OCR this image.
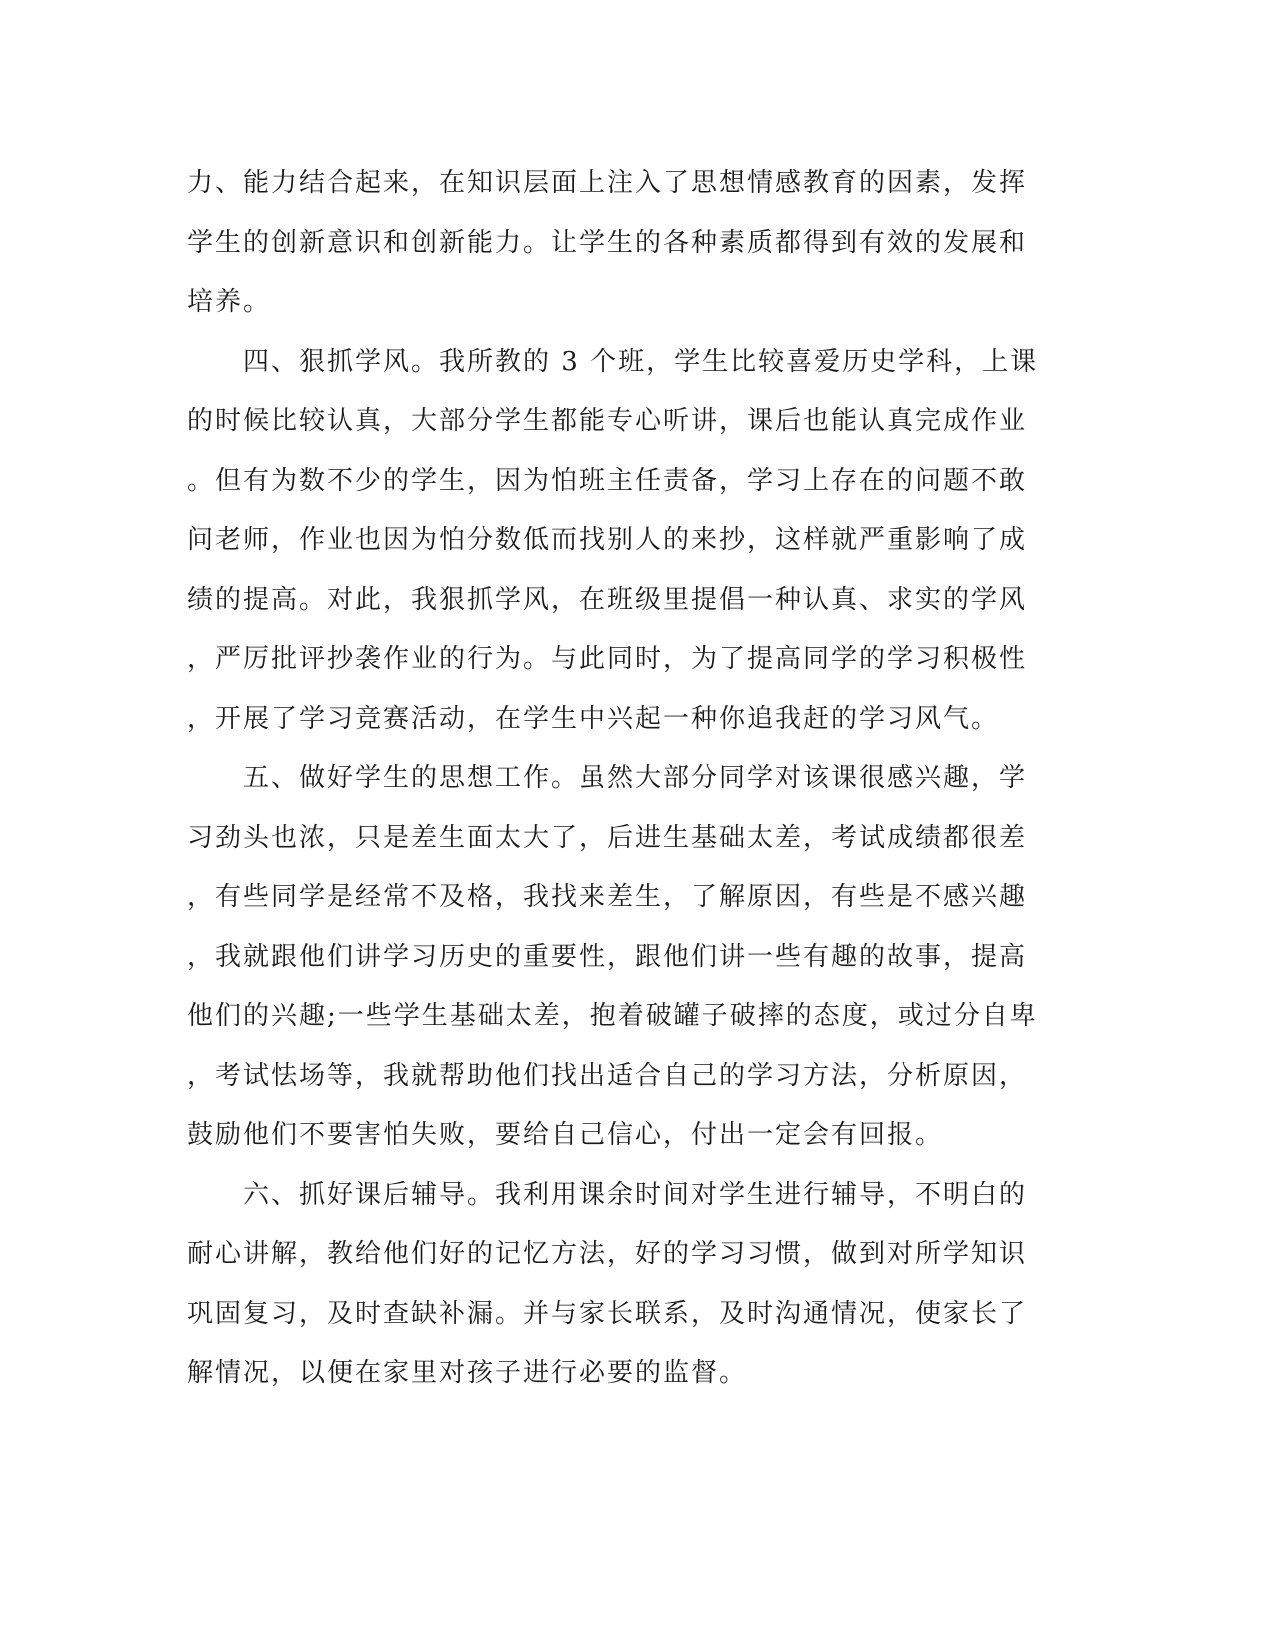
力、能力结合起来，在知识层面上注入了思想情感教育的因素，发挥
学生的创新意识和创新能力。让学生的各种素质都得到有效的发展和
培养。
　　四、狠抓学风。我所教的 3 个班，学生比较喜爱历史学科，上课
的时候比较认真，大部分学生都能专心听讲，课后也能认真完成作业
。但有为数不少的学生，因为怕班主任责备，学习上存在的问题不敢
问老师，作业也因为怕分数低而找别人的来抄，这样就严重影响了成
绩的提高。对此，我狠抓学风，在班级里提倡一种认真、求实的学风
，严厉批评抄袭作业的行为。与此同时，为了提高同学的学习积极性
，开展了学习竞赛活动，在学生中兴起一种你追我赶的学习风气。
　　五、做好学生的思想工作。虽然大部分同学对该课很感兴趣，学
习劲头也浓，只是差生面太大了，后进生基础太差，考试成绩都很差
，有些同学是经常不及格，我找来差生，了解原因，有些是不感兴趣
，我就跟他们讲学习历史的重要性，跟他们讲一些有趣的故事，提高
他们的兴趣;一些学生基础太差，抱着破罐子破摔的态度，或过分自卑
，考试怯场等，我就帮助他们找出适合自己的学习方法，分析原因，
鼓励他们不要害怕失败，要给自己信心，付出一定会有回报。
　　六、抓好课后辅导。我利用课余时间对学生进行辅导，不明白的
耐心讲解，教给他们好的记忆方法，好的学习习惯，做到对所学知识
巩固复习，及时查缺补漏。并与家长联系，及时沟通情况，使家长了
解情况，以便在家里对孩子进行必要的监督。
